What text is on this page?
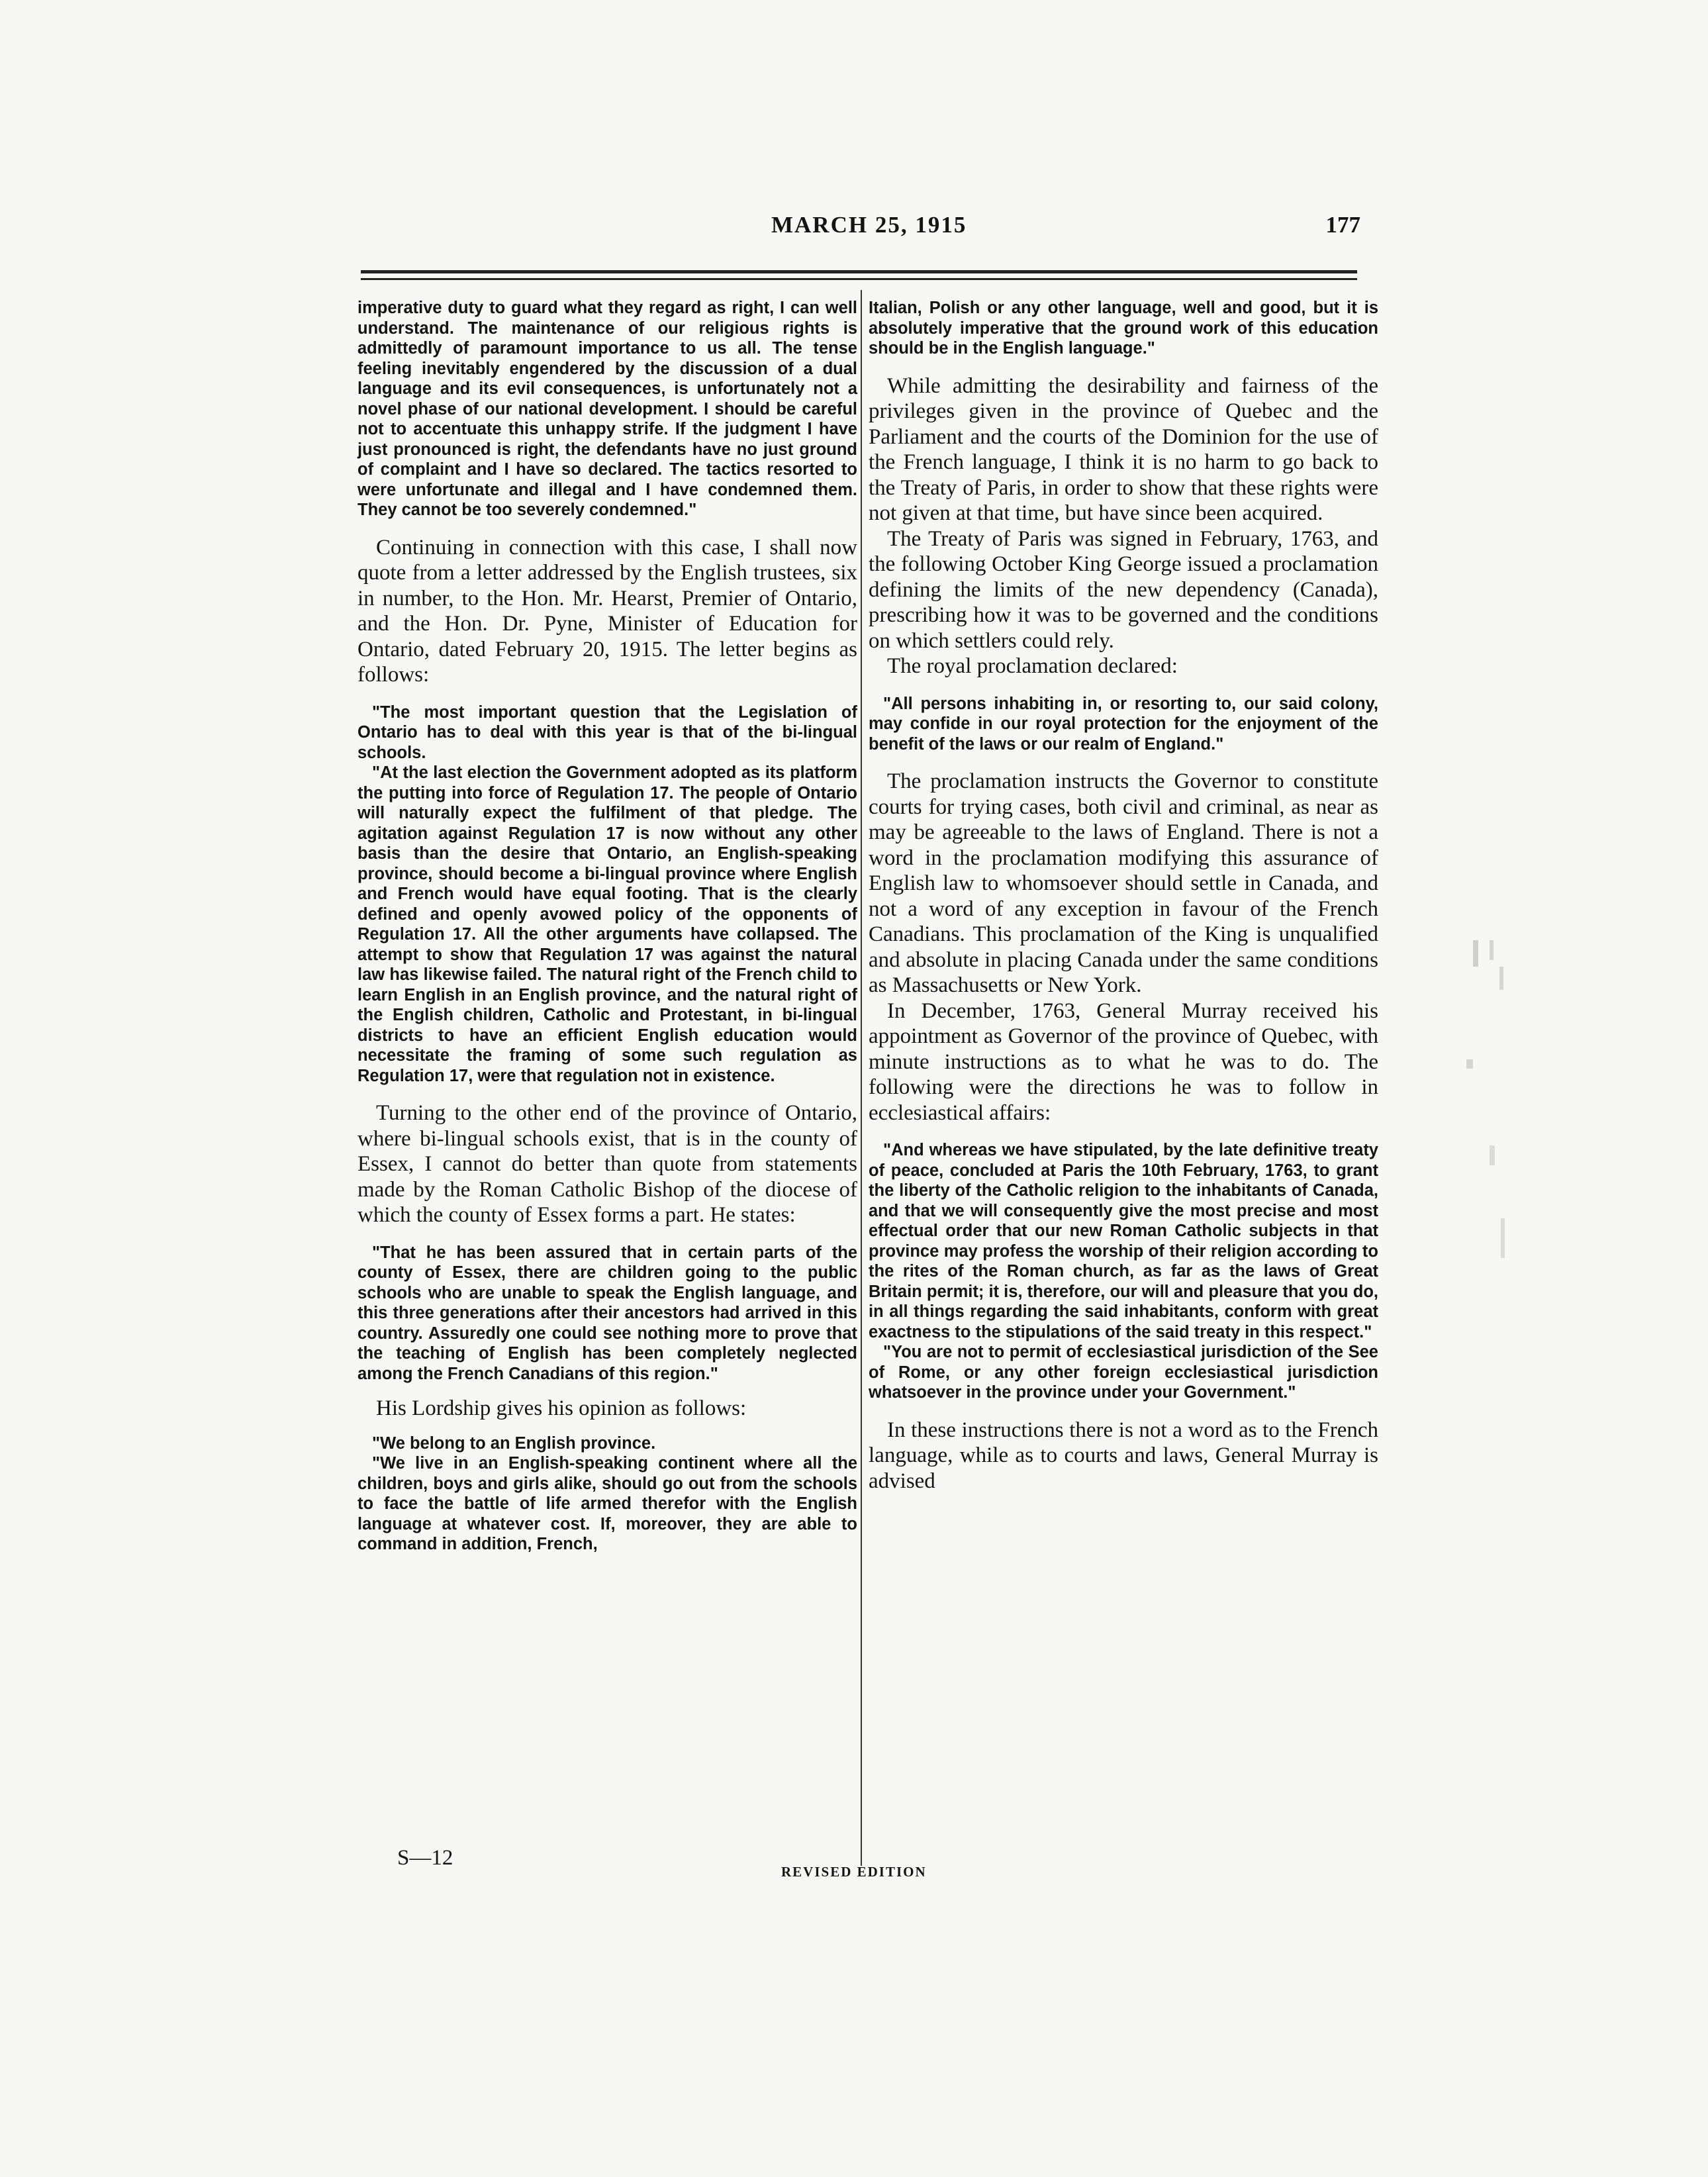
MARCH 25, 1915	177

imperative duty to guard what they regard as right, I can well understand. The maintenance of our religious rights is admittedly of paramount importance to us all. The tense feeling inevitably engendered by the discussion of a dual language and its evil consequences, is unfortunately not a novel phase of our national development. I should be careful not to accentuate this unhappy strife. If the judgment I have just pronounced is right, the defendants have no just ground of complaint and I have so declared. The tactics resorted to were unfortunate and illegal and I have condemned them. They cannot be too severely condemned."

Continuing in connection with this case, I shall now quote from a letter addressed by the English trustees, six in number, to the Hon. Mr. Hearst, Premier of Ontario, and the Hon. Dr. Pyne, Minister of Education for Ontario, dated February 20, 1915. The letter begins as follows:

"The most important question that the Legislation of Ontario has to deal with this year is that of the bi-lingual schools.

"At the last election the Government adopted as its platform the putting into force of Regulation 17. The people of Ontario will naturally expect the fulfilment of that pledge. The agitation against Regulation 17 is now without any other basis than the desire that Ontario, an English-speaking province, should become a bi-lingual province where English and French would have equal footing. That is the clearly defined and openly avowed policy of the opponents of Regulation 17. All the other arguments have collapsed. The attempt to show that Regulation 17 was against the natural law has likewise failed. The natural right of the French child to learn English in an English province, and the natural right of the English children, Catholic and Protestant, in bi-lingual districts to have an efficient English education would necessitate the framing of some such regulation as Regulation 17, were that regulation not in existence.

Turning to the other end of the province of Ontario, where bi-lingual schools exist, that is in the county of Essex, I cannot do better than quote from statements made by the Roman Catholic Bishop of the diocese of which the county of Essex forms a part. He states:

"That he has been assured that in certain parts of the county of Essex, there are children going to the public schools who are unable to speak the English language, and this three generations after their ancestors had arrived in this country. Assuredly one could see nothing more to prove that the teaching of English has been completely neglected among the French Canadians of this region."

His Lordship gives his opinion as follows:

"We belong to an English province.

"We live in an English-speaking continent where all the children, boys and girls alike, should go out from the schools to face the battle of life armed therefor with the English language at whatever cost. If, moreover, they are able to command in addition, French,

Italian, Polish or any other language, well and good, but it is absolutely imperative that the ground work of this education should be in the English language."

While admitting the desirability and fairness of the privileges given in the province of Quebec and the Parliament and the courts of the Dominion for the use of the French language, I think it is no harm to go back to the Treaty of Paris, in order to show that these rights were not given at that time, but have since been acquired.

The Treaty of Paris was signed in February, 1763, and the following October King George issued a proclamation defining the limits of the new dependency (Canada), prescribing how it was to be governed and the conditions on which settlers could rely.

The royal proclamation declared:

"All persons inhabiting in, or resorting to, our said colony, may confide in our royal protection for the enjoyment of the benefit of the laws or our realm of England."

The proclamation instructs the Governor to constitute courts for trying cases, both civil and criminal, as near as may be agreeable to the laws of England. There is not a word in the proclamation modifying this assurance of English law to whomsoever should settle in Canada, and not a word of any exception in favour of the French Canadians. This proclamation of the King is unqualified and absolute in placing Canada under the same conditions as Massachusetts or New York.

In December, 1763, General Murray received his appointment as Governor of the province of Quebec, with minute instructions as to what he was to do. The following were the directions he was to follow in ecclesiastical affairs:

"And whereas we have stipulated, by the late definitive treaty of peace, concluded at Paris the 10th February, 1763, to grant the liberty of the Catholic religion to the inhabitants of Canada, and that we will consequently give the most precise and most effectual order that our new Roman Catholic subjects in that province may profess the worship of their religion according to the rites of the Roman church, as far as the laws of Great Britain permit; it is, therefore, our will and pleasure that you do, in all things regarding the said inhabitants, conform with great exactness to the stipulations of the said treaty in this respect."

"You are not to permit of ecclesiastical jurisdiction of the See of Rome, or any other foreign ecclesiastical jurisdiction whatsoever in the province under your Government."

In these instructions there is not a word as to the French language, while as to courts and laws, General Murray is advised

S—12
REVISED EDITION
